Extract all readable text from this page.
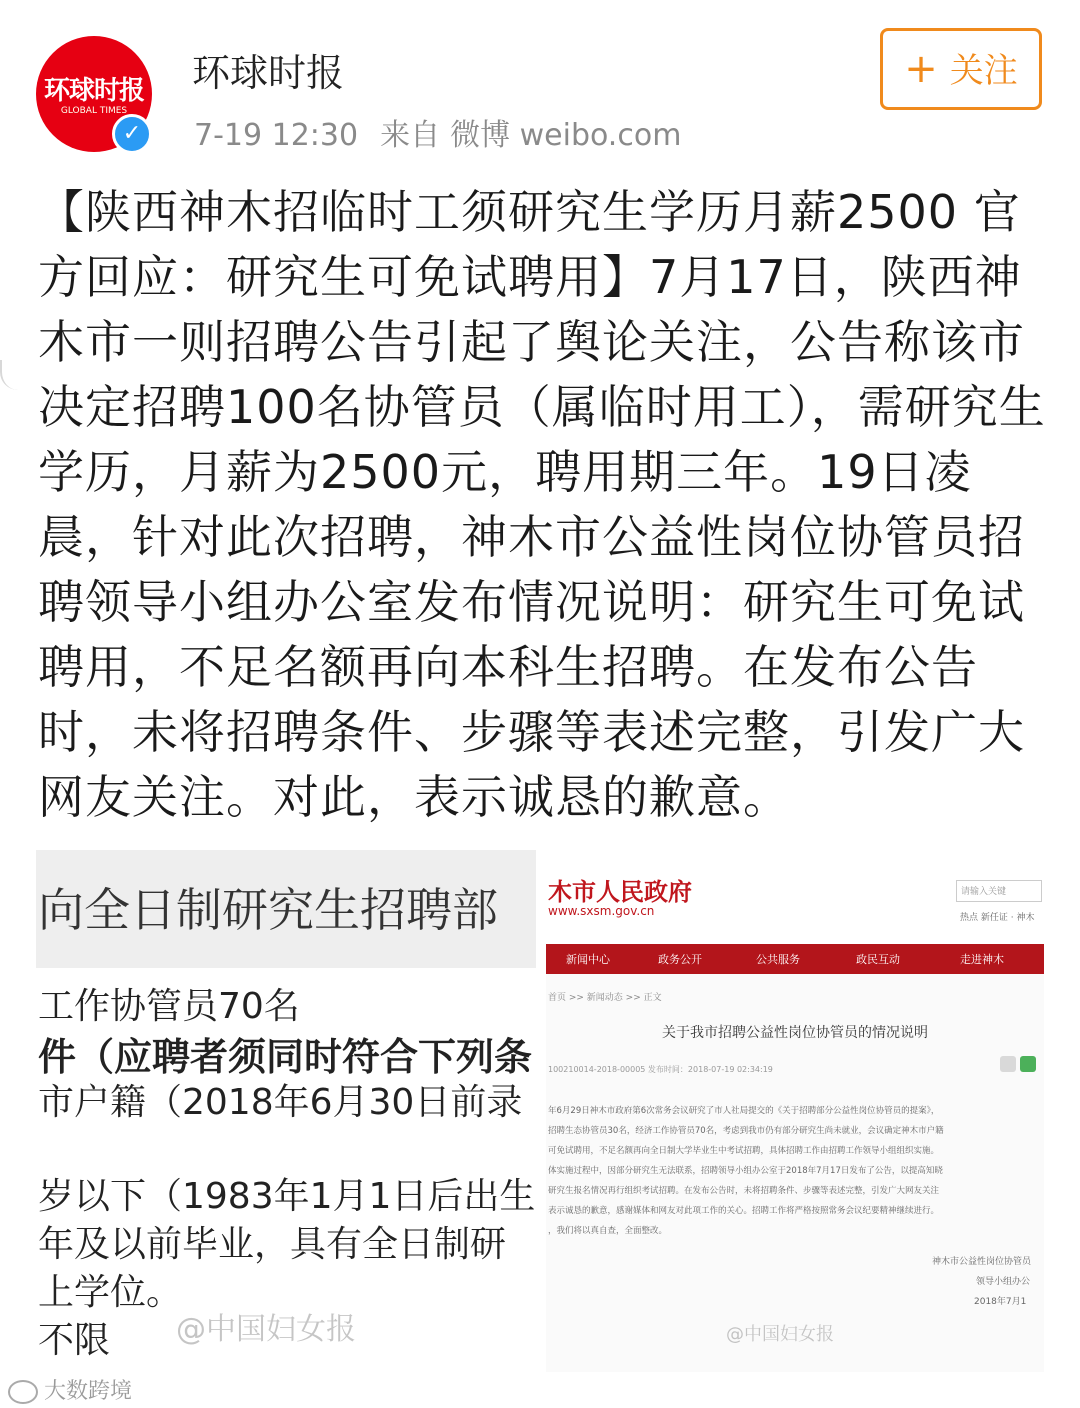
环球时报
GLOBAL TIMES
✓
环球时报
7-19 12:30 来自 微博 weibo.com
+ 关注
【陕西神木招临时工须研究生学历月薪2500 官方回应：研究生可免试聘用】7月17日，陕西神木市一则招聘公告引起了舆论关注，公告称该市决定招聘100名协管员（属临时用工），需研究生学历，月薪为2500元，聘用期三年。19日凌晨，针对此次招聘，神木市公益性岗位协管员招聘领导小组办公室发布情况说明：研究生可免试聘用，不足名额再向本科生招聘。在发布公告时，未将招聘条件、步骤等表述完整，引发广大网友关注。对此，表示诚恳的歉意。
向全日制研究生招聘部
工作协管员70名
件（应聘者须同时符合下列条
市户籍（2018年6月30日前录
岁以下（1983年1月1日后出生
年及以前毕业，具有全日制研
上学位。
不限 @中国妇女报
木市人民政府
www.sxsm.gov.cn
请输入关键
热点 新任证 · 神木
新闻中心	政务公开	公共服务	政民互动	走进神木
首页 >> 新闻动态 >> 正文
关于我市招聘公益性岗位协管员的情况说明
100210014-2018-00005 发布时间：2018-07-19 02:34:19
年6月29日神木市政府第6次常务会议研究了市人社局提交的《关于招聘部分公益性岗位协管员的提案》，
招聘生态协管员30名，经济工作协管员70名，考虑到我市仍有部分研究生尚未就业，会议确定神木市户籍
可免试聘用，不足名额再向全日制大学毕业生中考试招聘，具体招聘工作由招聘工作领导小组组织实施。
体实施过程中，因部分研究生无法联系，招聘领导小组办公室于2018年7月17日发布了公告，以提高知晓
研究生报名情况再行组织考试招聘。在发布公告时，未将招聘条件、步骤等表述完整，引发广大网友关注
表示诚恳的歉意，感谢媒体和网友对此项工作的关心。招聘工作将严格按照常务会议纪要精神继续进行。
，我们将以真自查，全面整改。
神木市公益性岗位协管员
领导小组办公
2018年7月1
@中国妇女报
大数跨境
